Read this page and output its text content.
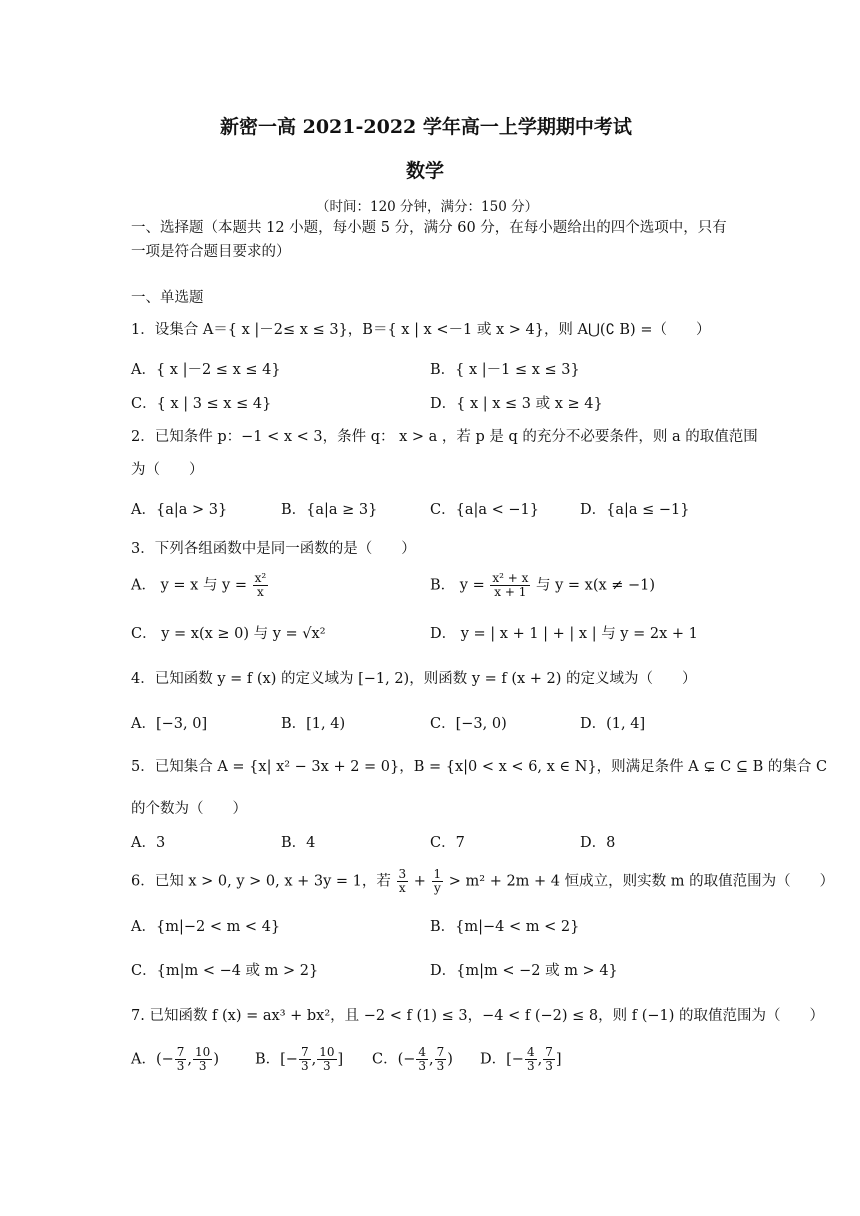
新密一高 2021-2022 学年高一上学期期中考试
数学
（时间：120 分钟，满分：150 分）
一、选择题（本题共 12 小题，每小题 5 分，满分 60 分，在每小题给出的四个选项中，只有
一项是符合题目要求的）
一、单选题
1．设集合 A＝{ x |－2≤ x ≤ 3}，B＝{ x | x <－1 或 x > 4}，则 A⋃(∁ B) =（　　）
A．{ x |－2 ≤ x ≤ 4}	B．{ x |－1 ≤ x ≤ 3}
C．{ x | 3 ≤ x ≤ 4}	D．{ x | x ≤ 3 或 x ≥ 4}
2．已知条件 p：−1 < x < 3，条件 q： x > a ，若 p 是 q 的充分不必要条件，则 a 的取值范围
为（　　）
A．{a|a > 3}	B．{a|a ≥ 3}	C．{a|a < −1}	D．{a|a ≤ −1}
3．下列各组函数中是同一函数的是（　　）
A． y = x 与 $y = \frac{\text{x²}}{x}$	B． $y = \frac{\text{x² + x}}{x + 1}$ 与 y = x(x ≠ −1)
C． y = x(x ≥ 0) 与 y = √x²	D． y = | x + 1 | + | x | 与 y = 2x + 1
4．已知函数 y = f (x) 的定义域为 [−1, 2)，则函数 y = f (x + 2) 的定义域为（　　）
A．[−3, 0]	B．[1, 4)	C．[−3, 0)	D．(1, 4]
5．已知集合 A = {x| x² − 3x + 2 = 0}，B = {x|0 < x < 6, x ∈ N}，则满足条件 A ⊊ C ⊆ B 的集合 C
的个数为（　　）
A．3	B．4	C．7	D．8
6．已知 x > 0, y > 0, x + 3y = 1，若 $\frac{3}{x} + \frac{1}{y} > m^2 + 2m + 4$ 恒成立，则实数 m 的取值范围为（　　）
A．{m|−2 < m < 4}	B．{m|−4 < m < 2}
C．{m|m < −4 或 m > 2}	D．{m|m < −2 或 m > 4}
7. 已知函数 f (x) = ax³ + bx²，且 −2 < f (1) ≤ 3，−4 < f (−2) ≤ 8，则 f (−1) 的取值范围为（　　）
A．(− $\frac{7}{3}$ , $\frac{10}{3}$ ) B．[− $\frac{7}{3}$ , $\frac{10}{3}$ ] C．(− $\frac{4}{3}$ , $\frac{7}{3}$ ) D．[− $\frac{4}{3}$ , $\frac{7}{3}$ ]
